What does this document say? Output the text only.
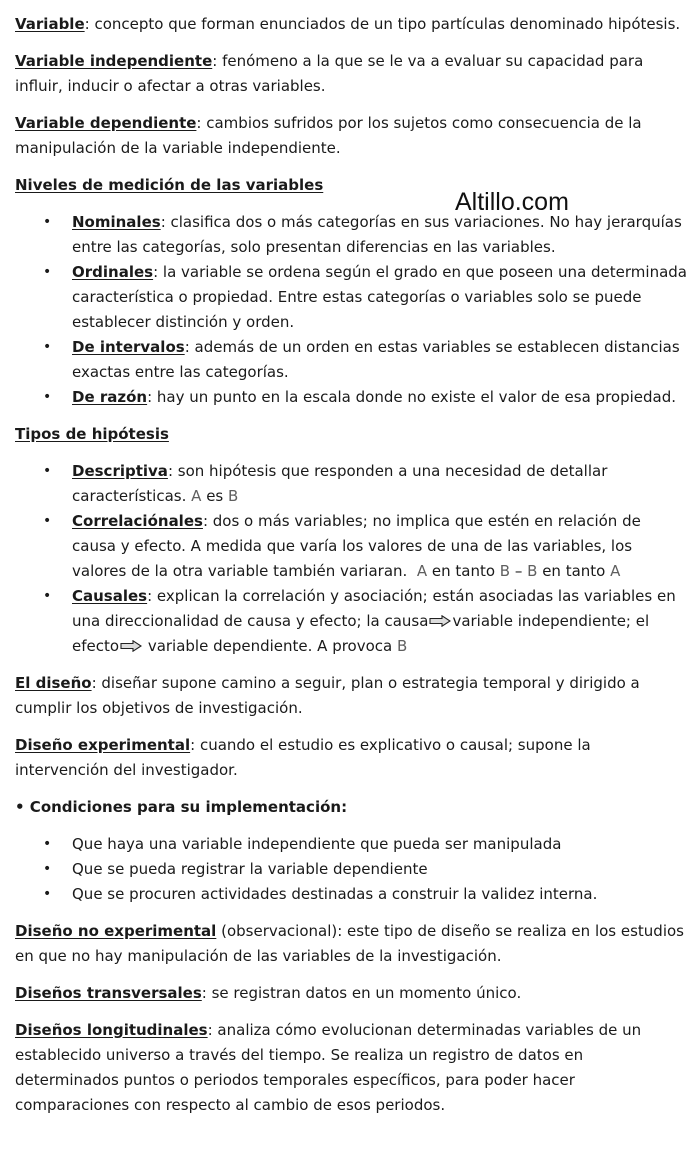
Altillo.com

Variable: concepto que forman enunciados de un tipo partículas denominado hipótesis.

Variable independiente: fenómeno a la que se le va a evaluar su capacidad para influir, inducir o afectar a otras variables.

Variable dependiente: cambios sufridos por los sujetos como consecuencia de la manipulación de la variable independiente.

Niveles de medición de las variables

• Nominales: clasifica dos o más categorías en sus variaciones. No hay jerarquías entre las categorías, solo presentan diferencias en las variables.
• Ordinales: la variable se ordena según el grado en que poseen una determinada característica o propiedad. Entre estas categorías o variables solo se puede establecer distinción y orden.
• De intervalos: además de un orden en estas variables se establecen distancias exactas entre las categorías.
• De razón: hay un punto en la escala donde no existe el valor de esa propiedad.

Tipos de hipótesis

• Descriptiva: son hipótesis que responden a una necesidad de detallar características. A es B
• Correlaciónales: dos o más variables; no implica que estén en relación de causa y efecto. A medida que varía los valores de una de las variables, los valores de la otra variable también variaran. A en tanto B – B en tanto A
• Causales: explican la correlación y asociación; están asociadas las variables en una direccionalidad de causa y efecto; la causa variable independiente; el efecto variable dependiente. A provoca B

El diseño: diseñar supone camino a seguir, plan o estrategia temporal y dirigido a cumplir los objetivos de investigación.

Diseño experimental: cuando el estudio es explicativo o causal; supone la intervención del investigador.

• Condiciones para su implementación:

• Que haya una variable independiente que pueda ser manipulada
• Que se pueda registrar la variable dependiente
• Que se procuren actividades destinadas a construir la validez interna.

Diseño no experimental (observacional): este tipo de diseño se realiza en los estudios en que no hay manipulación de las variables de la investigación.

Diseños transversales: se registran datos en un momento único.

Diseños longitudinales: analiza cómo evolucionan determinadas variables de un establecido universo a través del tiempo. Se realiza un registro de datos en determinados puntos o periodos temporales específicos, para poder hacer comparaciones con respecto al cambio de esos periodos.
